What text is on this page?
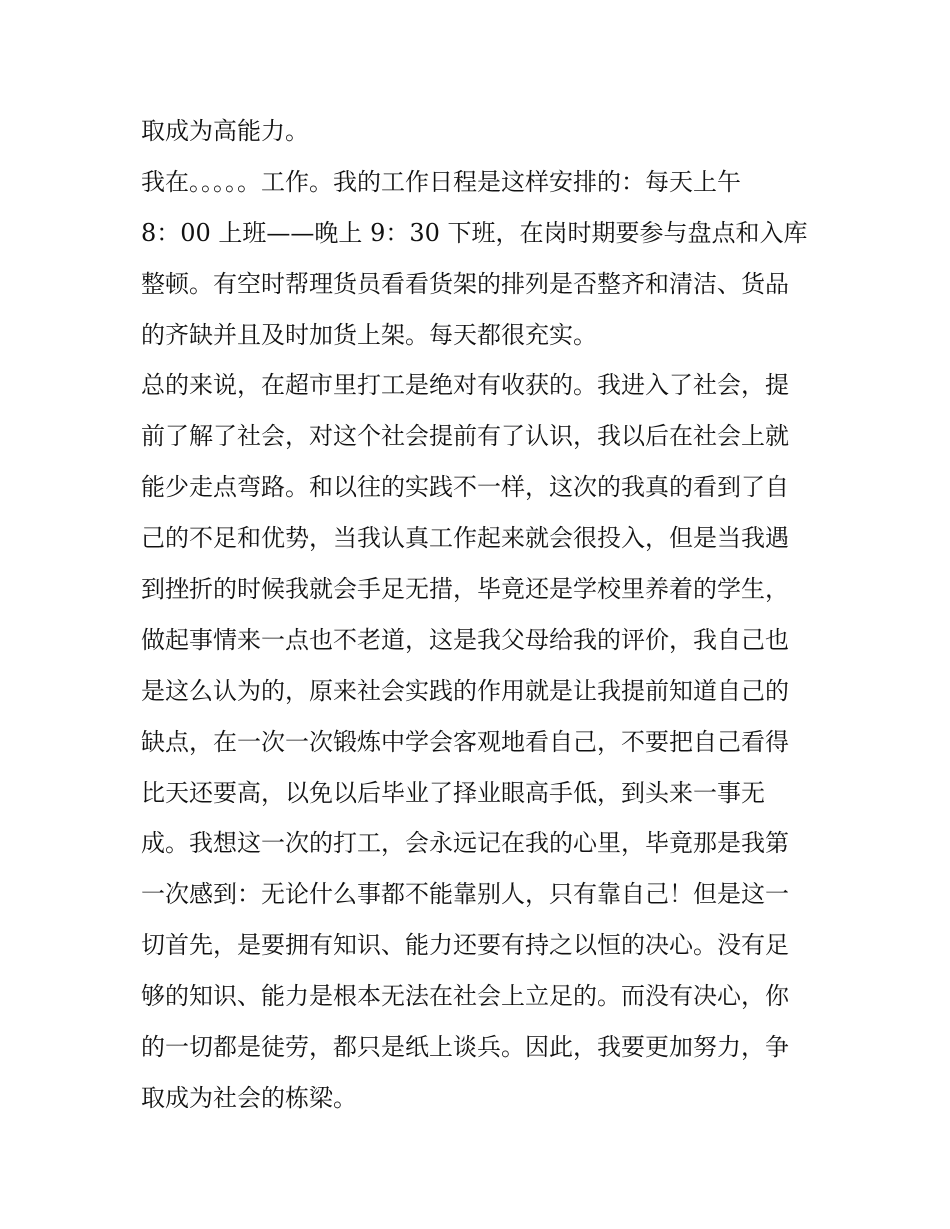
取成为高能力。
我在。。。。。工作。我的工作日程是这样安排的：每天上午
8：00 上班——晚上 9：30 下班，在岗时期要参与盘点和入库
整顿。有空时帮理货员看看货架的排列是否整齐和清洁、货品
的齐缺并且及时加货上架。每天都很充实。
总的来说，在超市里打工是绝对有收获的。我进入了社会，提
前了解了社会，对这个社会提前有了认识，我以后在社会上就
能少走点弯路。和以往的实践不一样，这次的我真的看到了自
己的不足和优势，当我认真工作起来就会很投入，但是当我遇
到挫折的时候我就会手足无措，毕竟还是学校里养着的学生，
做起事情来一点也不老道，这是我父母给我的评价，我自己也
是这么认为的，原来社会实践的作用就是让我提前知道自己的
缺点，在一次一次锻炼中学会客观地看自己，不要把自己看得
比天还要高，以免以后毕业了择业眼高手低，到头来一事无
成。我想这一次的打工，会永远记在我的心里，毕竟那是我第
一次感到：无论什么事都不能靠别人，只有靠自己！但是这一
切首先，是要拥有知识、能力还要有持之以恒的决心。没有足
够的知识、能力是根本无法在社会上立足的。而没有决心，你
的一切都是徒劳，都只是纸上谈兵。因此，我要更加努力，争
取成为社会的栋梁。
